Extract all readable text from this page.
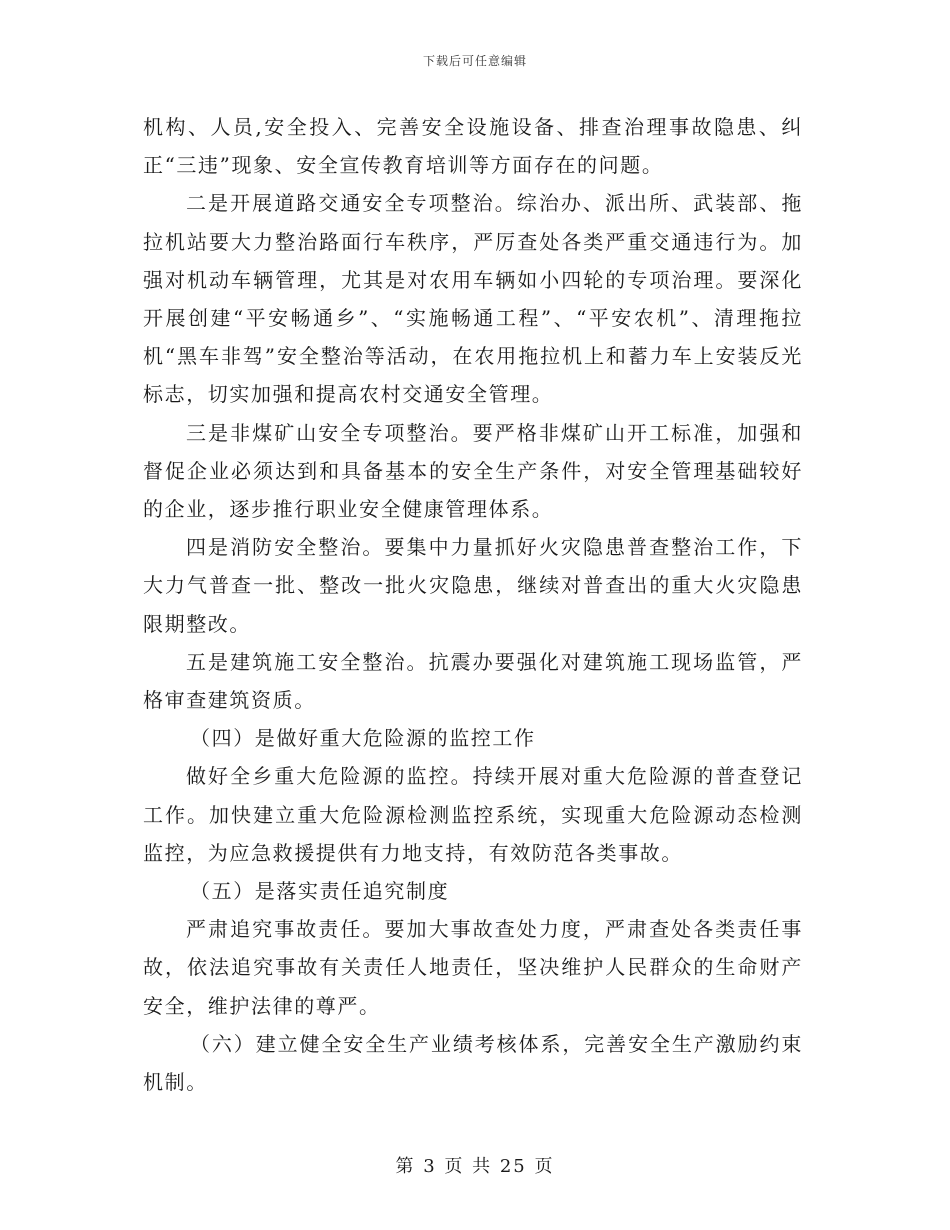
下载后可任意编辑

机构、人员,安全投入、完善安全设施设备、排查治理事故隐患、纠正“三违”现象、安全宣传教育培训等方面存在的问题。

二是开展道路交通安全专项整治。综治办、派出所、武装部、拖拉机站要大力整治路面行车秩序，严厉查处各类严重交通违行为。加强对机动车辆管理，尤其是对农用车辆如小四轮的专项治理。要深化开展创建“平安畅通乡”、“实施畅通工程”、“平安农机”、清理拖拉机“黑车非驾”安全整治等活动，在农用拖拉机上和蓄力车上安装反光标志，切实加强和提高农村交通安全管理。

三是非煤矿山安全专项整治。要严格非煤矿山开工标准，加强和督促企业必须达到和具备基本的安全生产条件，对安全管理基础较好的企业，逐步推行职业安全健康管理体系。

四是消防安全整治。要集中力量抓好火灾隐患普查整治工作，下大力气普查一批、整改一批火灾隐患，继续对普查出的重大火灾隐患限期整改。

五是建筑施工安全整治。抗震办要强化对建筑施工现场监管，严格审查建筑资质。

（四）是做好重大危险源的监控工作

做好全乡重大危险源的监控。持续开展对重大危险源的普查登记工作。加快建立重大危险源检测监控系统，实现重大危险源动态检测监控，为应急救援提供有力地支持，有效防范各类事故。

（五）是落实责任追究制度

严肃追究事故责任。要加大事故查处力度，严肃查处各类责任事故，依法追究事故有关责任人地责任，坚决维护人民群众的生命财产安全，维护法律的尊严。

（六）建立健全安全生产业绩考核体系，完善安全生产激励约束机制。

第 3 页 共 25 页
